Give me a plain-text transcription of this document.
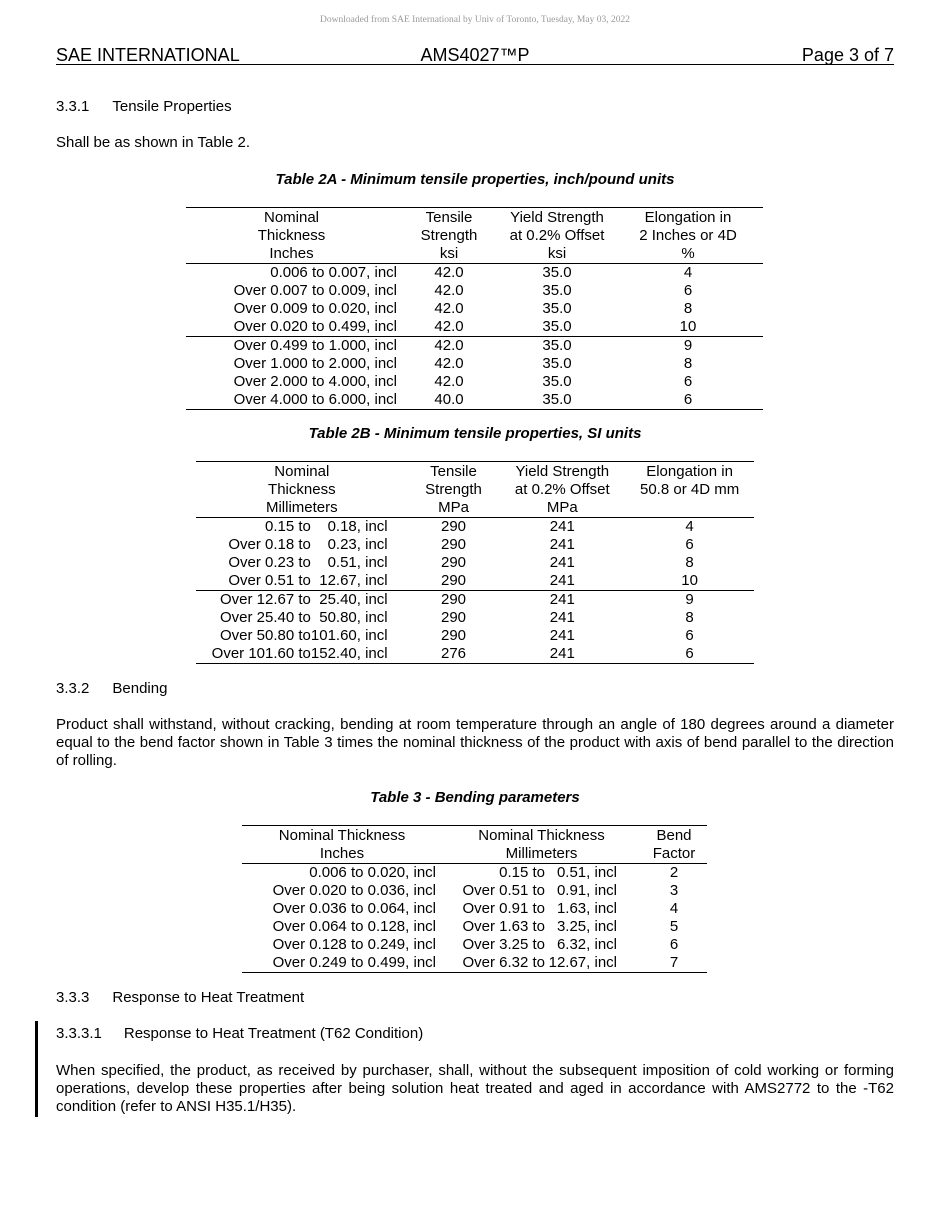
Downloaded from SAE International by Univ of Toronto, Tuesday, May 03, 2022
SAE INTERNATIONAL	AMS4027™P	Page 3 of 7
3.3.1 Tensile Properties
Shall be as shown in Table 2.
Table 2A - Minimum tensile properties, inch/pound units
Nominal	Tensile	Yield Strength	Elongation in
Thickness	Strength	at 0.2% Offset	2 Inches or 4D
Inches	ksi	ksi	%
0.006 to 0.007, incl	42.0	35.0	4
Over 0.007 to 0.009, incl	42.0	35.0	6
Over 0.009 to 0.020, incl	42.0	35.0	8
Over 0.020 to 0.499, incl	42.0	35.0	10
Over 0.499 to 1.000, incl	42.0	35.0	9
Over 1.000 to 2.000, incl	42.0	35.0	8
Over 2.000 to 4.000, incl	42.0	35.0	6
Over 4.000 to 6.000, incl	40.0	35.0	6
Table 2B - Minimum tensile properties, SI units
Nominal		Tensile	Yield Strength	Elongation in
Thickness		Strength	at 0.2% Offset	50.8 or 4D mm
Millimeters		MPa	MPa	
0.15 to	0.18, incl	290	241	4
Over 0.18 to	0.23, incl	290	241	6
Over 0.23 to	0.51, incl	290	241	8
Over 0.51 to	12.67, incl	290	241	10
Over 12.67 to	25.40, incl	290	241	9
Over 25.40 to	50.80, incl	290	241	8
Over 50.80 to	101.60, incl	290	241	6
Over 101.60 to	152.40, incl	276	241	6
3.3.2 Bending
Product shall withstand, without cracking, bending at room temperature through an angle of 180 degrees around a diameter equal to the bend factor shown in Table 3 times the nominal thickness of the product with axis of bend parallel to the direction of rolling.
Table 3 - Bending parameters
Nominal Thickness	Nominal Thickness		Bend
Inches	Millimeters		Factor
0.006 to 0.020, incl	0.15 to	0.51, incl	2
Over 0.020 to 0.036, incl	Over 0.51 to	0.91, incl	3
Over 0.036 to 0.064, incl	Over 0.91 to	1.63, incl	4
Over 0.064 to 0.128, incl	Over 1.63 to	3.25, incl	5
Over 0.128 to 0.249, incl	Over 3.25 to	6.32, incl	6
Over 0.249 to 0.499, incl	Over 6.32 to	12.67, incl	7
3.3.3 Response to Heat Treatment
3.3.3.1 Response to Heat Treatment (T62 Condition)
When specified, the product, as received by purchaser, shall, without the subsequent imposition of cold working or forming operations, develop these properties after being solution heat treated and aged in accordance with AMS2772 to the -T62 condition (refer to ANSI H35.1/H35).
